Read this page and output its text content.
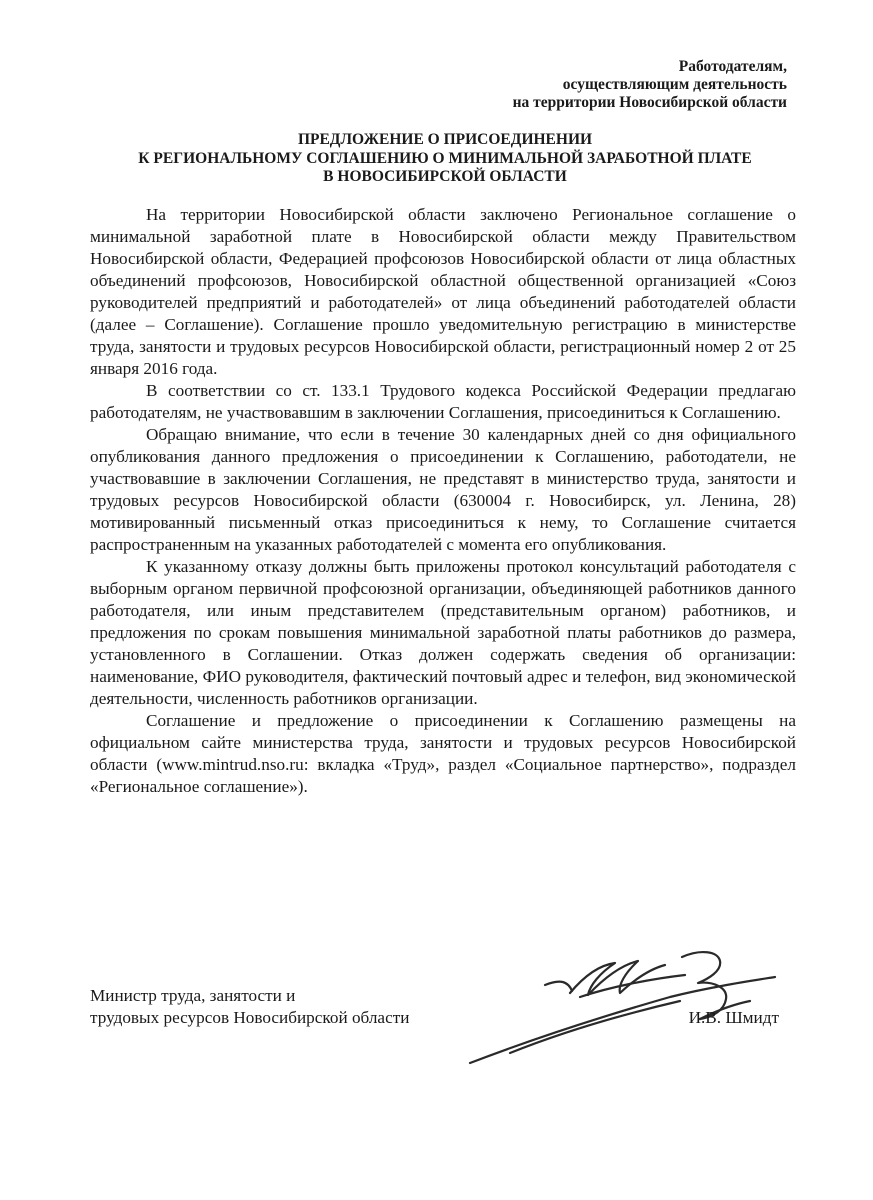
Работодателям,
осуществляющим деятельность
на территории Новосибирской области
ПРЕДЛОЖЕНИЕ О ПРИСОЕДИНЕНИИ
К РЕГИОНАЛЬНОМУ СОГЛАШЕНИЮ О МИНИМАЛЬНОЙ ЗАРАБОТНОЙ ПЛАТЕ
В НОВОСИБИРСКОЙ ОБЛАСТИ

На территории Новосибирской области заключено Региональное соглашение о минимальной заработной плате в Новосибирской области между Правительством Новосибирской области, Федерацией профсоюзов Новосибирской области от лица областных объединений профсоюзов, Новосибирской областной общественной организацией «Союз руководителей предприятий и работодателей» от лица объединений работодателей области (далее – Соглашение). Соглашение прошло уведомительную регистрацию в министерстве труда, занятости и трудовых ресурсов Новосибирской области, регистрационный номер 2 от 25 января 2016 года.

В соответствии со ст. 133.1 Трудового кодекса Российской Федерации предлагаю работодателям, не участвовавшим в заключении Соглашения, присоединиться к Соглашению.

Обращаю внимание, что если в течение 30 календарных дней со дня официального опубликования данного предложения о присоединении к Соглашению, работодатели, не участвовавшие в заключении Соглашения, не представят в министерство труда, занятости и трудовых ресурсов Новосибирской области (630004 г. Новосибирск, ул. Ленина, 28) мотивированный письменный отказ присоединиться к нему, то Соглашение считается распространенным на указанных работодателей с момента его опубликования.

К указанному отказу должны быть приложены протокол консультаций работодателя с выборным органом первичной профсоюзной организации, объединяющей работников данного работодателя, или иным представителем (представительным органом) работников, и предложения по срокам повышения минимальной заработной платы работников до размера, установленного в Соглашении. Отказ должен содержать сведения об организации: наименование, ФИО руководителя, фактический почтовый адрес и телефон, вид экономической деятельности, численность работников организации.

Соглашение и предложение о присоединении к Соглашению размещены на официальном сайте министерства труда, занятости и трудовых ресурсов Новосибирской области (www.mintrud.nso.ru: вкладка «Труд», раздел «Социальное партнерство», подраздел «Региональное соглашение»).

Министр труда, занятости и
трудовых ресурсов Новосибирской области	И.В. Шмидт
